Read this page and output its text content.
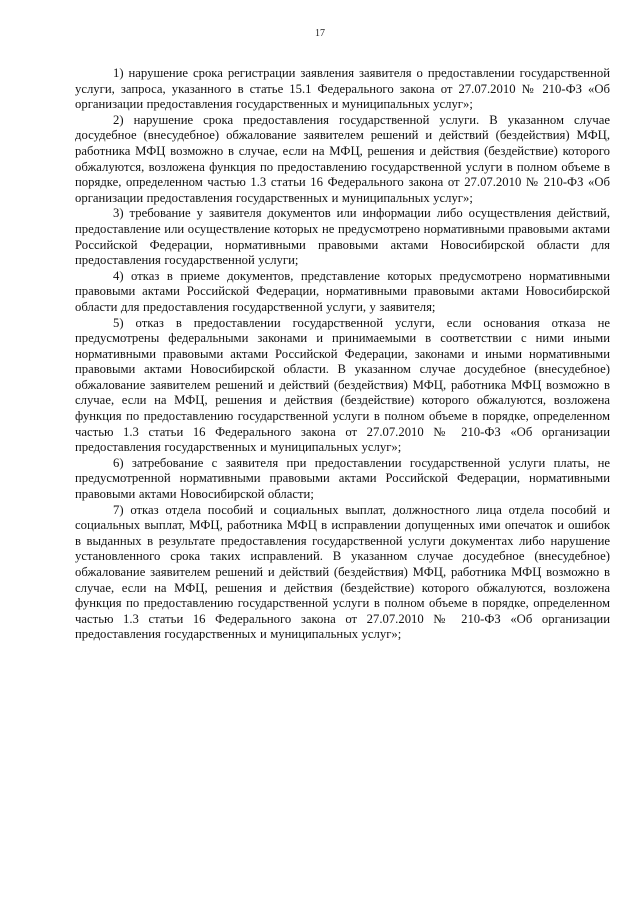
17

1) нарушение срока регистрации заявления заявителя о предоставлении государственной услуги, запроса, указанного в статье 15.1 Федерального закона от 27.07.2010 № 210-ФЗ «Об организации предоставления государственных и муниципальных услуг»;

2) нарушение срока предоставления государственной услуги. В указанном случае досудебное (внесудебное) обжалование заявителем решений и действий (бездействия) МФЦ, работника МФЦ возможно в случае, если на МФЦ, решения и действия (бездействие) которого обжалуются, возложена функция по предоставлению государственной услуги в полном объеме в порядке, определенном частью 1.3 статьи 16 Федерального закона от 27.07.2010 № 210-ФЗ «Об организации предоставления государственных и муниципальных услуг»;

3) требование у заявителя документов или информации либо осуществления действий, предоставление или осуществление которых не предусмотрено нормативными правовыми актами Российской Федерации, нормативными правовыми актами Новосибирской области для предоставления государственной услуги;

4) отказ в приеме документов, представление которых предусмотрено нормативными правовыми актами Российской Федерации, нормативными правовыми актами Новосибирской области для предоставления государственной услуги, у заявителя;

5) отказ в предоставлении государственной услуги, если основания отказа не предусмотрены федеральными законами и принимаемыми в соответствии с ними иными нормативными правовыми актами Российской Федерации, законами и иными нормативными правовыми актами Новосибирской области. В указанном случае досудебное (внесудебное) обжалование заявителем решений и действий (бездействия) МФЦ, работника МФЦ возможно в случае, если на МФЦ, решения и действия (бездействие) которого обжалуются, возложена функция по предоставлению государственной услуги в полном объеме в порядке, определенном частью 1.3 статьи 16 Федерального закона от 27.07.2010 № 210-ФЗ «Об организации предоставления государственных и муниципальных услуг»;

6) затребование с заявителя при предоставлении государственной услуги платы, не предусмотренной нормативными правовыми актами Российской Федерации, нормативными правовыми актами Новосибирской области;

7) отказ отдела пособий и социальных выплат, должностного лица отдела пособий и социальных выплат, МФЦ, работника МФЦ в исправлении допущенных ими опечаток и ошибок в выданных в результате предоставления государственной услуги документах либо нарушение установленного срока таких исправлений. В указанном случае досудебное (внесудебное) обжалование заявителем решений и действий (бездействия) МФЦ, работника МФЦ возможно в случае, если на МФЦ, решения и действия (бездействие) которого обжалуются, возложена функция по предоставлению государственной услуги в полном объеме в порядке, определенном частью 1.3 статьи 16 Федерального закона от 27.07.2010 № 210-ФЗ «Об организации предоставления государственных и муниципальных услуг»;
